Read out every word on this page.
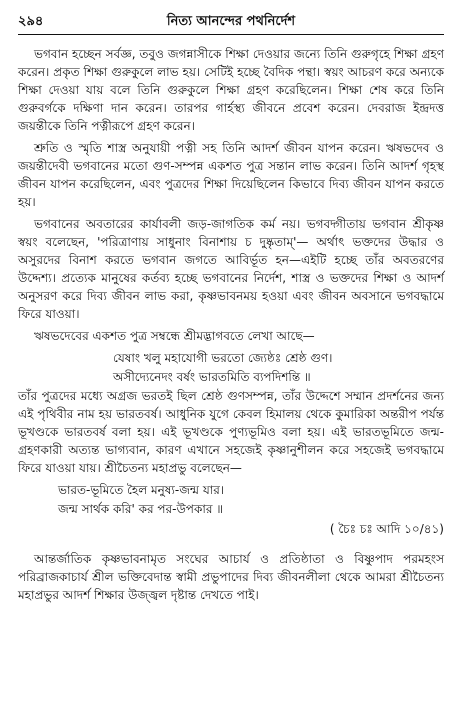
২৯৪	নিত্য আনন্দের পথনির্দেশ

ভগবান হচ্ছেন সর্বজ্ঞ, তবুও জগন্নাসীকে শিক্ষা দেওয়ার জন্যে তিনি গুরুগৃহে শিক্ষা গ্রহণ করেন। প্রকৃত শিক্ষা গুরুকুলে লাভ হয়। সেটিই হচ্ছে বৈদিক পন্থা। স্বয়ং আচরণ করে অন্যকে শিক্ষা দেওয়া যায় বলে তিনি গুরুকুলে শিক্ষা গ্রহণ করেছিলেন। শিক্ষা শেষ করে তিনি গুরুবর্গকে দক্ষিণা দান করেন। তারপর গার্হস্থ্য জীবনে প্রবেশ করেন। দেবরাজ ইন্দ্রদত্ত জয়ন্তীকে তিনি পত্নীরূপে গ্রহণ করেন।

শ্রুতি ও স্মৃতি শাস্ত্র অনুযায়ী পত্নী সহ তিনি আদর্শ জীবন যাপন করেন। ঋষভদেব ও জয়ন্তীদেবী ভগবানের মতো গুণ-সম্পন্ন একশত পুত্র সন্তান লাভ করেন। তিনি আদর্শ গৃহস্থ জীবন যাপন করেছিলেন, এবং পুত্রদের শিক্ষা দিয়েছিলেন কিভাবে দিব্য জীবন যাপন করতে হয়।

ভগবানের অবতারের কার্যাবলী জড়-জাগতিক কর্ম নয়। ভগবদ্গীতায় ভগবান শ্রীকৃষ্ণ স্বয়ং বলেছেন, 'পরিত্রাণায় সাধুনাং বিনাশায় চ দুষ্কৃতাম্'— অর্থাৎ ভক্তদের উদ্ধার ও অসুরদের বিনাশ করতে ভগবান জগতে আবির্ভূত হন—এইটি হচ্ছে তাঁর অবতরণের উদ্দেশ্য। প্রত্যেক মানুষের কর্তব্য হচ্ছে ভগবানের নির্দেশ, শাস্ত্র ও ভক্তদের শিক্ষা ও আদর্শ অনুসরণ করে দিব্য জীবন লাভ করা, কৃষ্ণভাবনময় হওয়া এবং জীবন অবসানে ভগবদ্ধামে ফিরে যাওয়া।

ঋষভদেবের একশত পুত্র সম্বন্ধে শ্রীমদ্ভাগবতে লেখা আছে—

যেষাং খলু মহাযোগী ভরতো জ্যেষ্ঠঃ শ্রেষ্ঠ গুণ।
অসীদ্যেনেদং বর্ষং ভারতমিতি ব্যপদিশন্তি ॥

তাঁর পুত্রদের মধ্যে অগ্রজ ভরতই ছিল শ্রেষ্ঠ গুণসম্পন্ন, তাঁর উদ্দেশে সম্মান প্রদর্শনের জন্য এই পৃথিবীর নাম হয় ভারতবর্ষ। আধুনিক যুগে কেবল হিমালয় থেকে কুমারিকা অন্তরীপ পর্যন্ত ভূখণ্ডকে ভারতবর্ষ বলা হয়। এই ভূখণ্ডকে পুণ্যভূমিও বলা হয়। এই ভারতভূমিতে জন্ম-গ্রহণকারী অত্যন্ত ভাগ্যবান, কারণ এখানে সহজেই কৃষ্ণানুশীলন করে সহজেই ভগবদ্ধামে ফিরে যাওয়া যায়। শ্রীচৈতন্য মহাপ্রভু বলেছেন—

ভারত-ভূমিতে হৈল মনুষ্য-জন্ম যার।
জন্ম সার্থক করি' কর পর-উপকার ॥
( চৈঃ চঃ আদি ১০/৪১)

আন্তর্জাতিক কৃষ্ণভাবনামৃত সংঘের আচার্য ও প্রতিষ্ঠাতা ও বিষ্ণুপাদ পরমহংস পরিব্রাজকাচার্য শ্রীল ভক্তিবেদান্ত স্বামী প্রভুপাদের দিব্য জীবনলীলা থেকে আমরা শ্রীচৈতন্য মহাপ্রভুর আদর্শ শিক্ষার উজ্জ্বল দৃষ্টান্ত দেখতে পাই।
